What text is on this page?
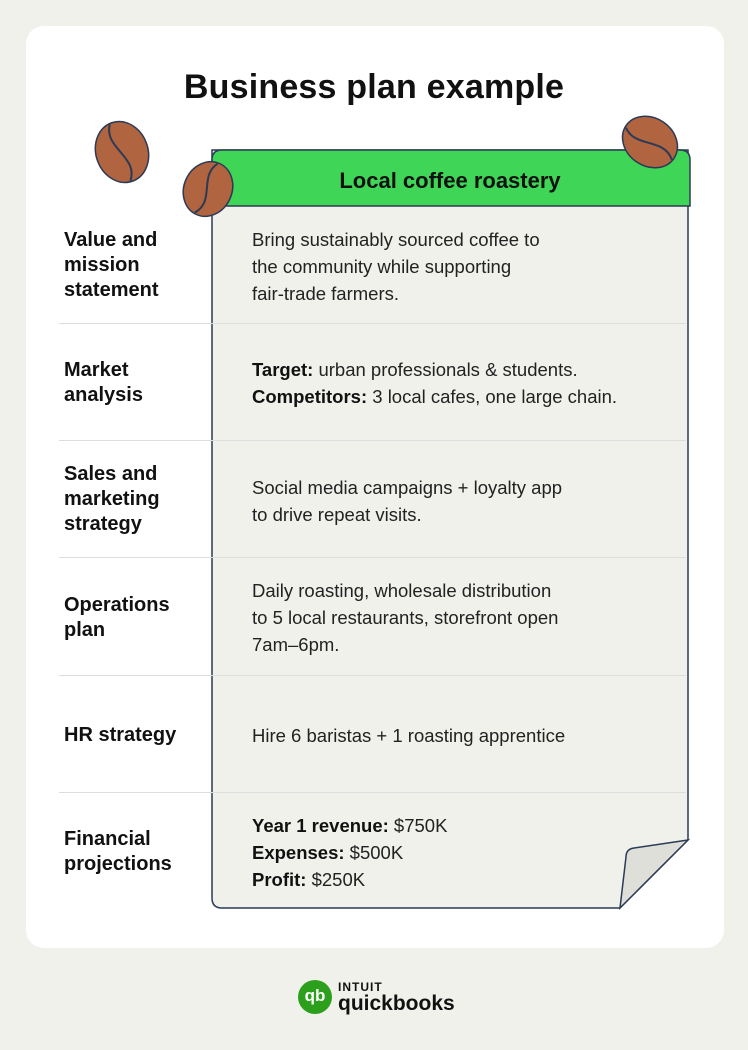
Business plan example
Local coffee roastery
Value and
mission
statement
Bring sustainably sourced coffee to
the community while supporting
fair-trade farmers.
Market
analysis
Target: urban professionals & students.
Competitors: 3 local cafes, one large chain.
Sales and
marketing
strategy
Social media campaigns + loyalty app
to drive repeat visits.
Operations
plan
Daily roasting, wholesale distribution
to 5 local restaurants, storefront open
7am–6pm.
HR strategy	Hire 6 baristas + 1 roasting apprentice
Financial
projections
Year 1 revenue: $750K
Expenses: $500K
Profit: $250K
qb	INTUIT
quickbooks
